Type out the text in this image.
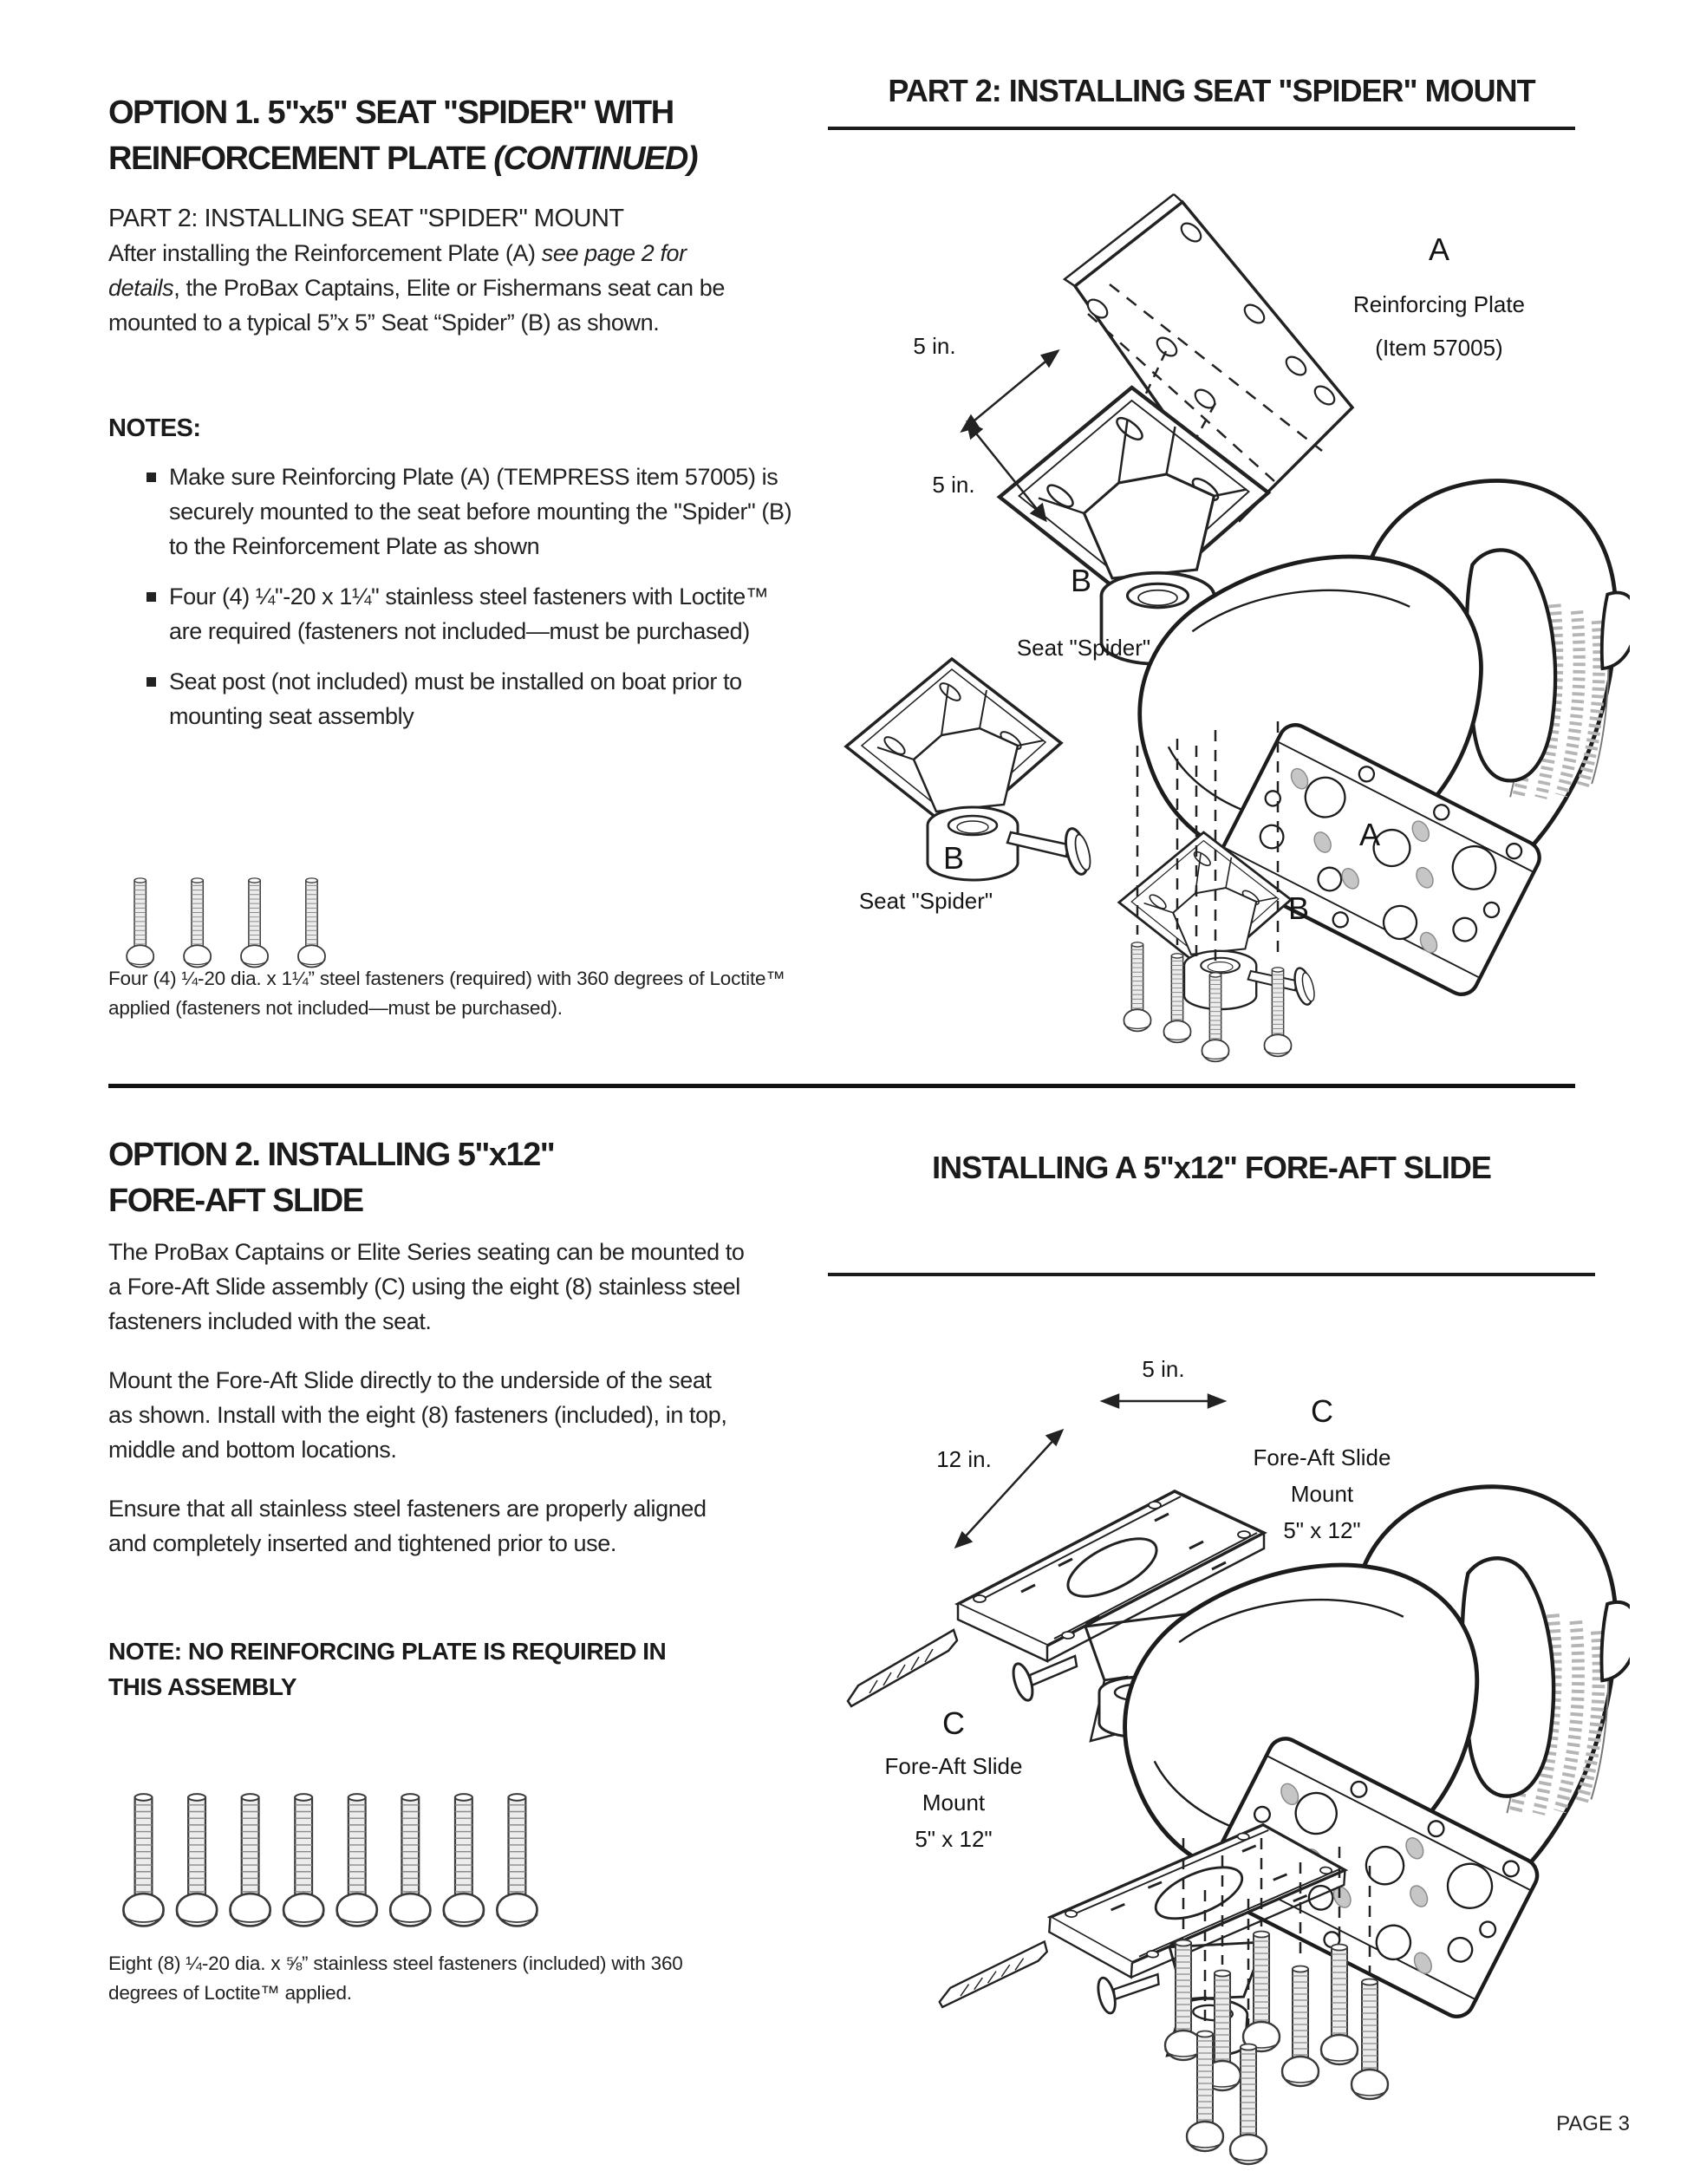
OPTION 1. 5"x5" SEAT "SPIDER" WITH
REINFORCEMENT PLATE (CONTINUED)
PART 2: INSTALLING SEAT "SPIDER" MOUNT

After installing the Reinforcement Plate (A) see page 2 for details, the ProBax Captains, Elite or Fishermans seat can be mounted to a typical 5”x 5” Seat “Spider” (B) as shown.

NOTES:
Make sure Reinforcing Plate (A) (TEMPRESS item 57005) is securely mounted to the seat before mounting the "Spider" (B) to the Reinforcement Plate as shown
Four (4) ¼"-20 x 1¼" stainless steel fasteners with Loctite™ are required (fasteners not included—must be purchased)
Seat post (not included) must be installed on boat prior to mounting seat assembly
Four (4) ¼-20 dia. x 1¼” steel fasteners (required) with 360 degrees of Loctite™ applied (fasteners not included—must be purchased).
PART 2: INSTALLING SEAT "SPIDER" MOUNT
5 in.
A
Reinforcing Plate
(Item 57005)
5 in.
B
Seat "Spider"
B
Seat "Spider"
A
B
OPTION 2. INSTALLING 5"x12"
FORE-AFT SLIDE

The ProBax Captains or Elite Series seating can be mounted to a Fore-Aft Slide assembly (C) using the eight (8) stainless steel fasteners included with the seat.

Mount the Fore-Aft Slide directly to the underside of the seat as shown. Install with the eight (8) fasteners (included), in top, middle and bottom locations.

Ensure that all stainless steel fasteners are properly aligned and completely inserted and tightened prior to use.

NOTE: NO REINFORCING PLATE IS REQUIRED IN THIS ASSEMBLY
Eight (8) ¼-20 dia. x ⅝” stainless steel fasteners (included) with 360 degrees of Loctite™ applied.
INSTALLING A 5"x12" FORE-AFT SLIDE
5 in.
12 in.
C
Fore-Aft Slide
Mount
5" x 12"
C
Fore-Aft Slide
Mount
5" x 12"
PAGE 3
